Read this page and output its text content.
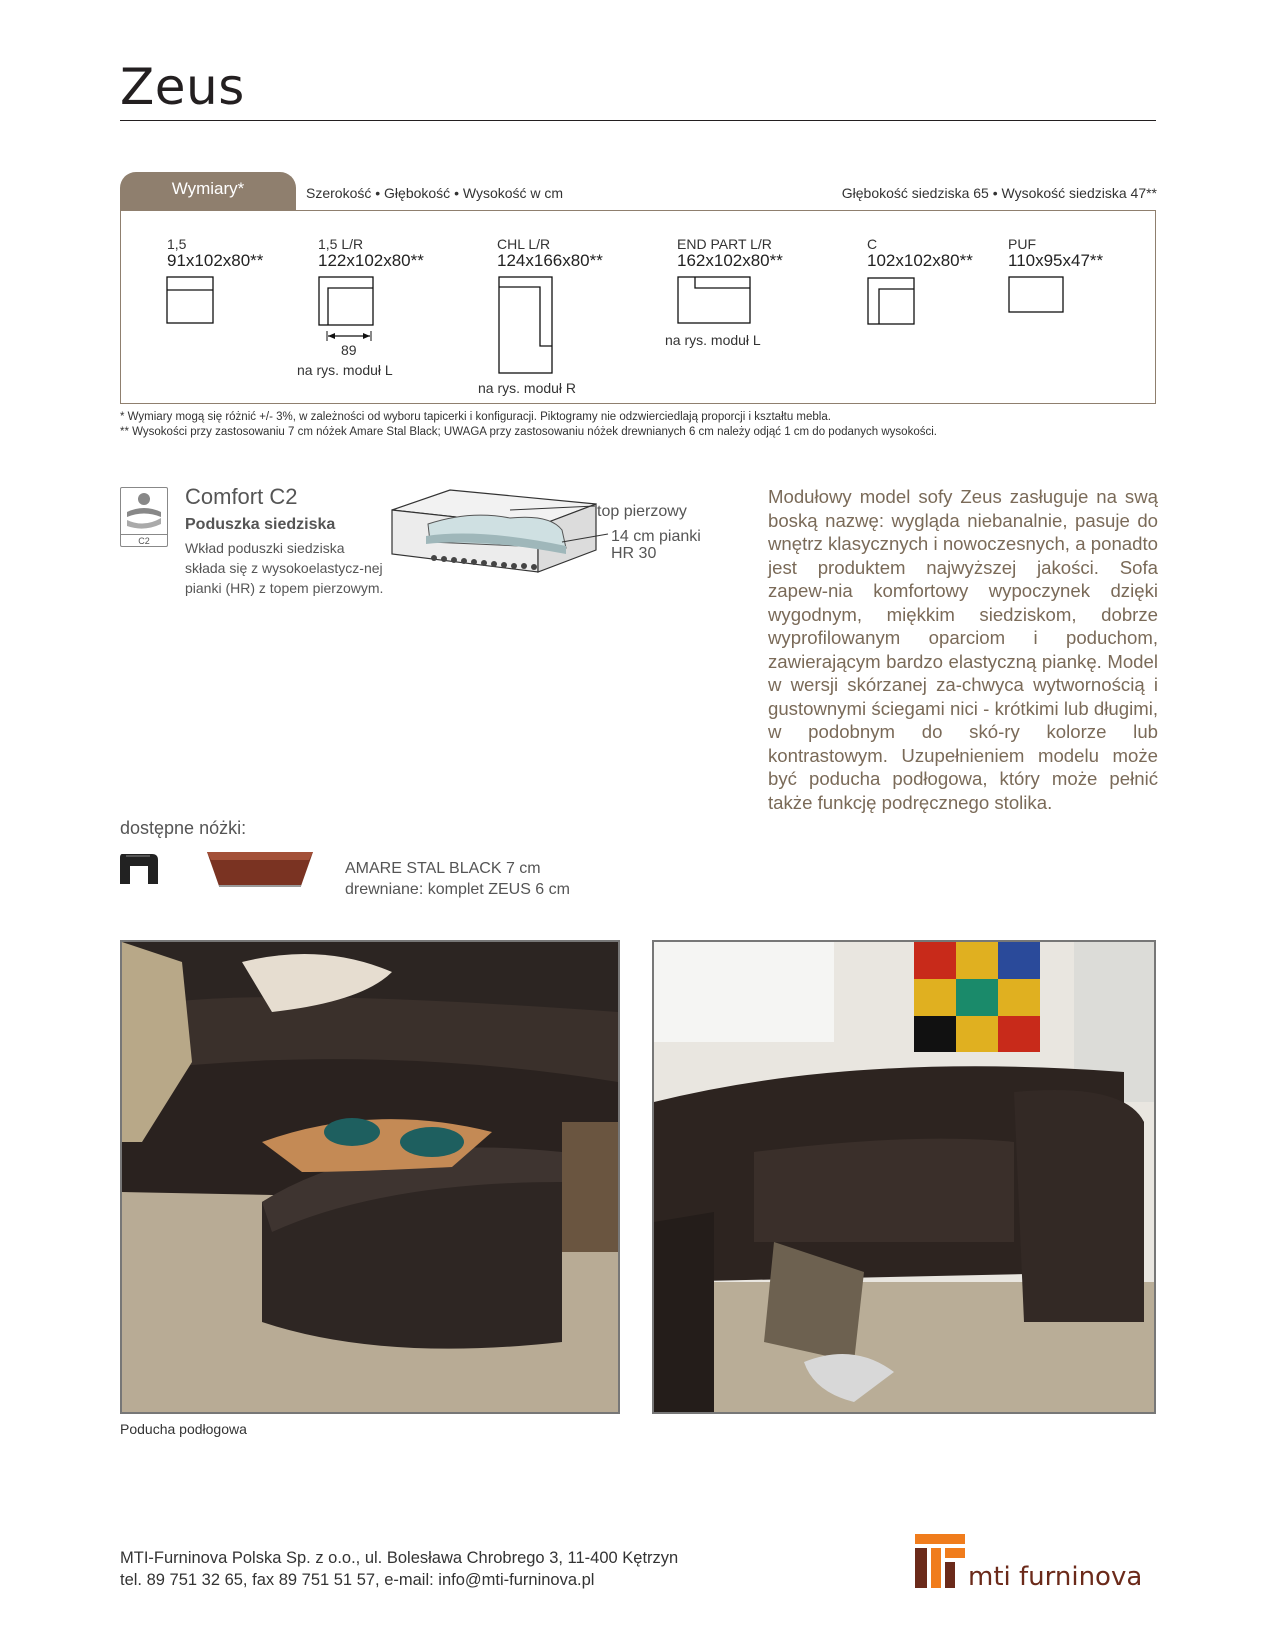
Zeus
Wymiary*	Szerokość • Głębokość • Wysokość w cm	Głębokość siedziska 65 • Wysokość siedziska 47**
1,5
91x102x80**
1,5 L/R
122x102x80**
89
na rys. moduł L
CHL L/R
124x166x80**
na rys. moduł R
END PART L/R
162x102x80**
na rys. moduł L
C
102x102x80**
PUF
110x95x47**
* Wymiary mogą się różnić +/- 3%, w zależności od wyboru tapicerki i konfiguracji. Piktogramy nie odzwierciedlają proporcji i kształtu mebla.
** Wysokości przy zastosowaniu 7 cm nóżek Amare Stal Black; UWAGA przy zastosowaniu nóżek drewnianych 6 cm należy odjąć 1 cm do podanych wysokości.
C2
Comfort C2
Poduszka siedziska
Wkład poduszki siedziska składa się z wysokoelastycz-nej pianki (HR) z topem pierzowym.
top pierzowy
14 cm pianki
HR 30
Modułowy model sofy Zeus zasługuje na swą boską nazwę: wygląda niebanalnie, pasuje do wnętrz klasycznych i nowoczesnych, a ponadto jest produktem najwyższej jakości. Sofa zapew-nia komfortowy wypoczynek dzięki wygodnym, miękkim siedziskom, dobrze wyprofilowanym oparciom i poduchom, zawierającym bardzo elastyczną piankę. Model w wersji skórzanej za-chwyca wytwornością i gustownymi ściegami nici - krótkimi lub długimi, w podobnym do skó-ry kolorze lub kontrastowym. Uzupełnieniem modelu może być poducha podłogowa, który może pełnić także funkcję podręcznego stolika.
dostępne nóżki:
AMARE STAL BLACK 7 cm
drewniane: komplet ZEUS 6 cm
Poducha podłogowa
MTI-Furninova Polska Sp. z o.o., ul. Bolesława Chrobrego 3, 11-400 Kętrzyn
tel. 89 751 32 65, fax 89 751 51 57, e-mail: info@mti-furninova.pl	mti furninova
